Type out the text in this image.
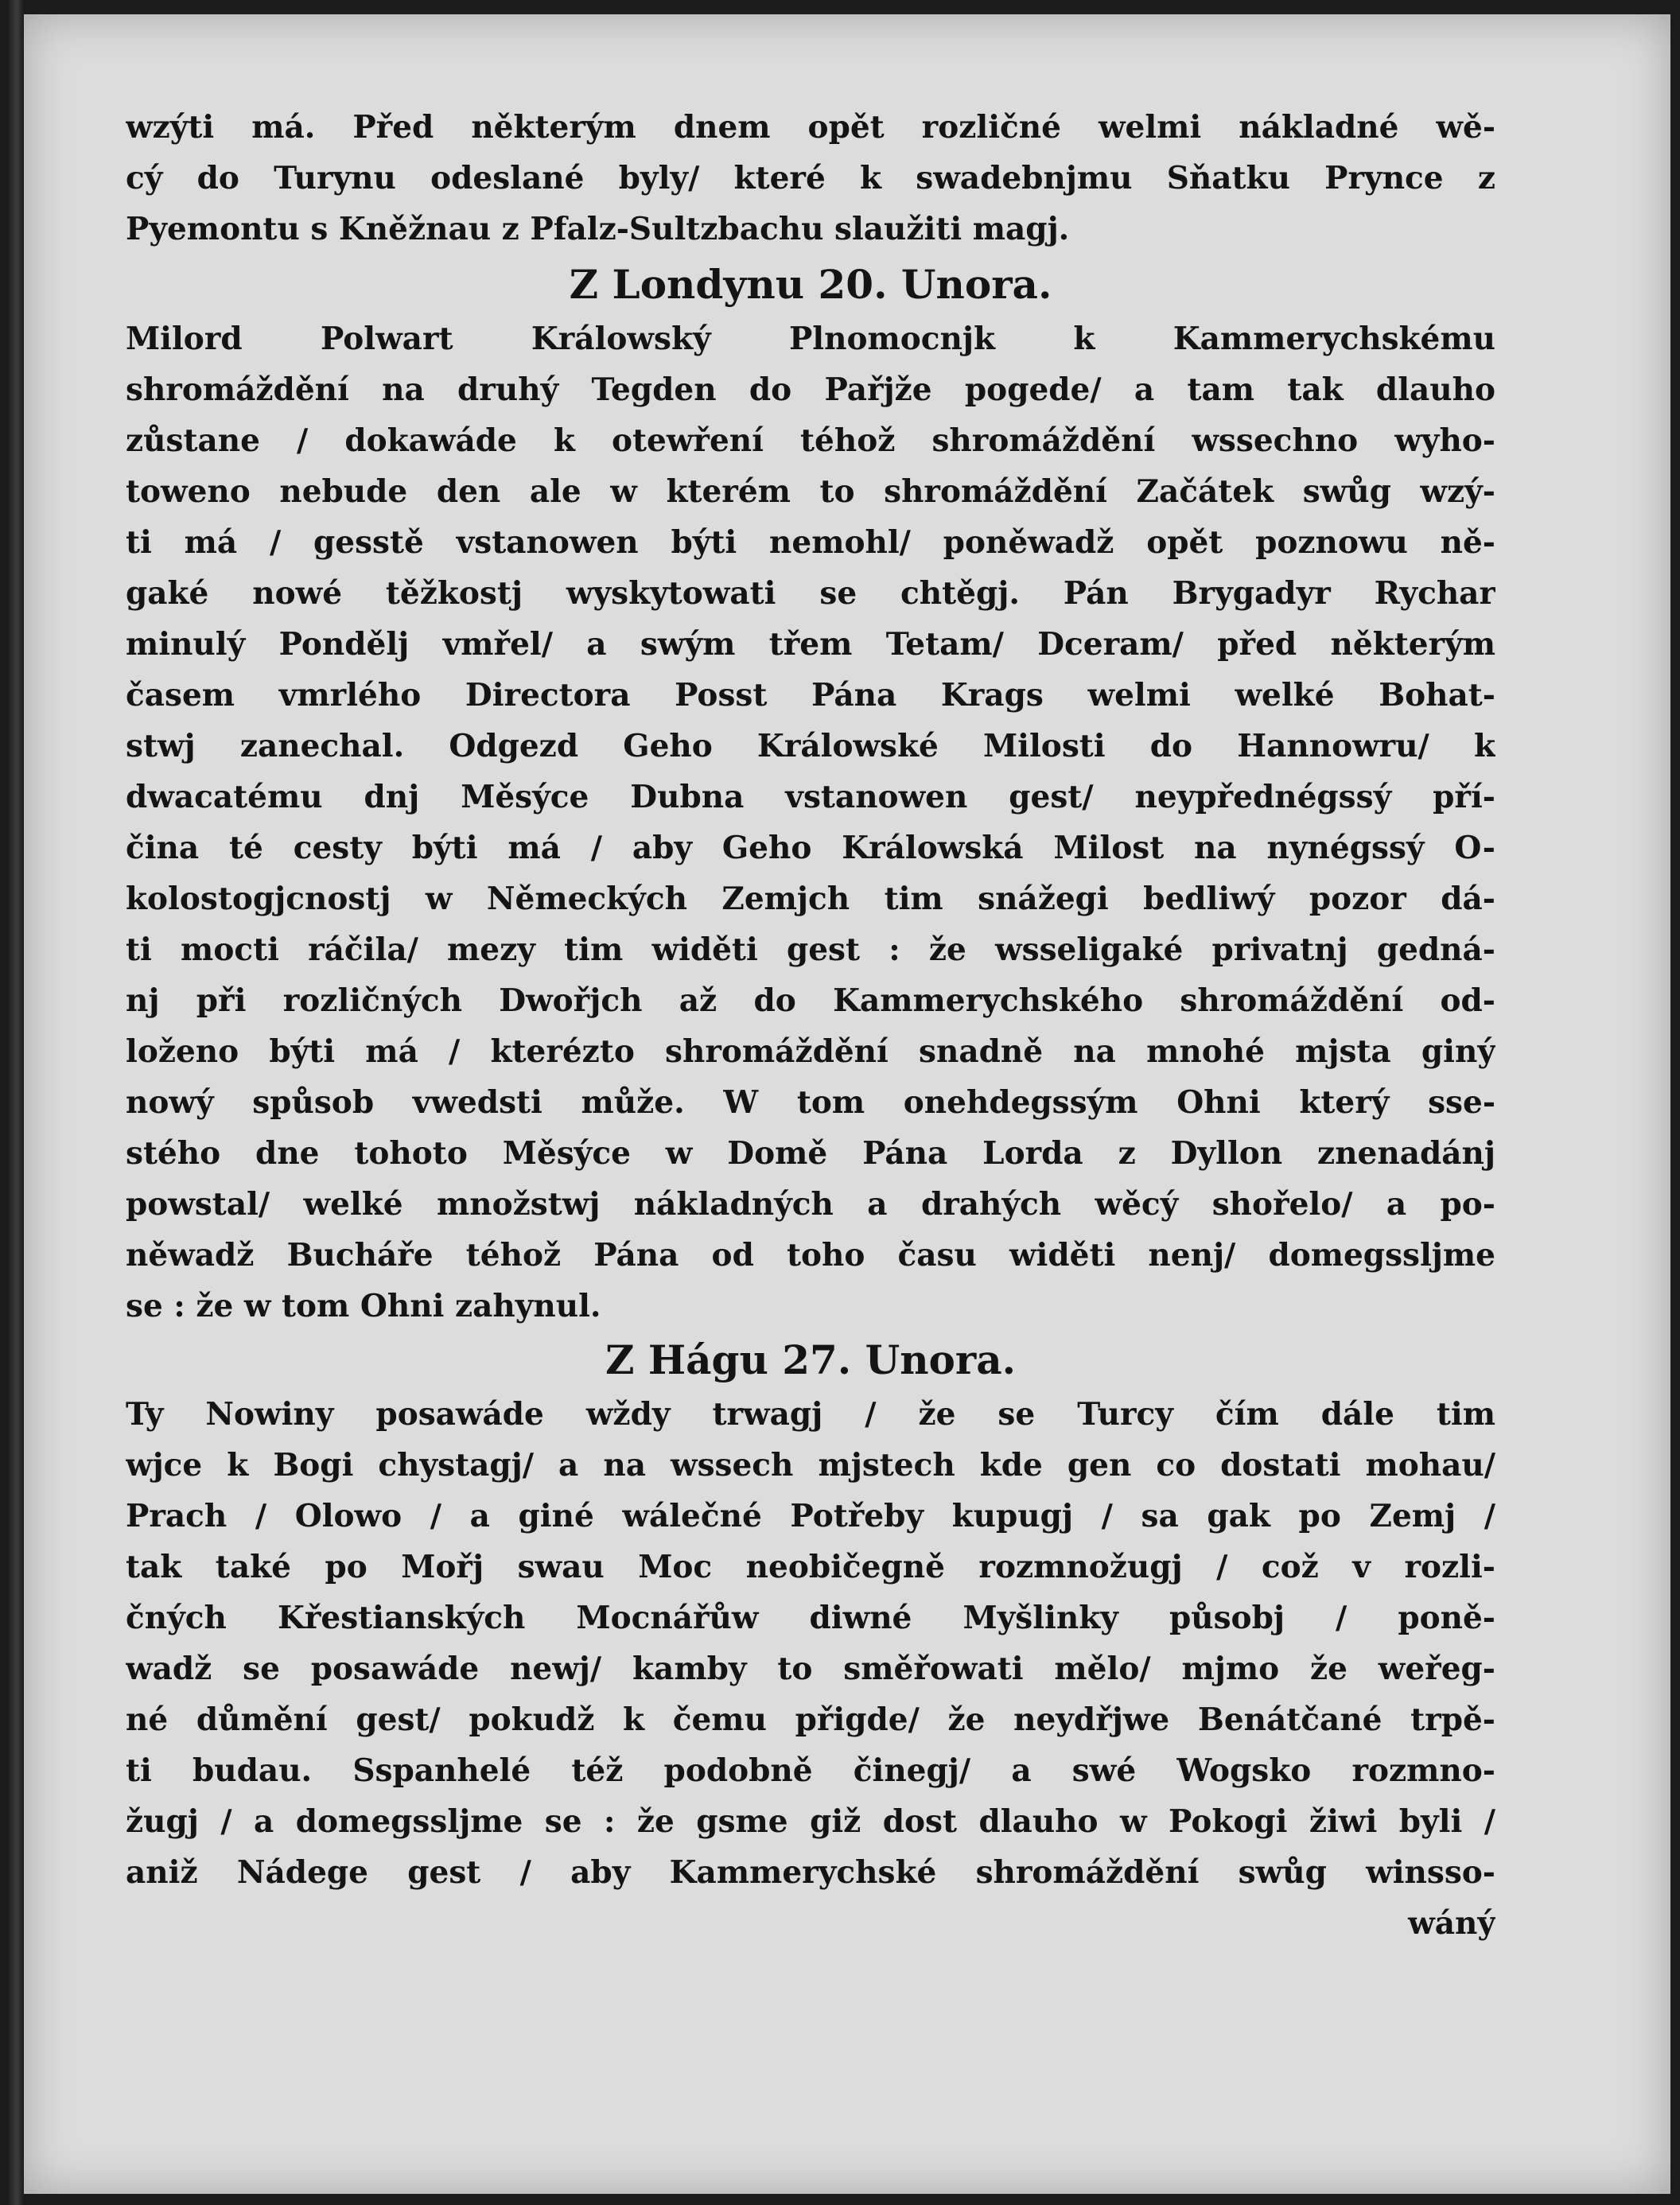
wzýti má. Před některým dnem opět rozličné welmi nákladné wě-
cý do Turynu odeslané byly/ které k swadebnjmu Sňatku Prynce z
Pyemontu s Kněžnau z Pfalz-Sultzbachu slaužiti magj.
Z Londynu 20. Unora.
Milord Polwart Králowský Plnomocnjk k Kammerychskému
shromáždění na druhý Tegden do Pařjže pogede/ a tam tak dlauho
zůstane / dokawáde k otewření téhož shromáždění wssechno wyho-
toweno nebude den ale w kterém to shromáždění Začátek swůg wzý-
ti má / gesstě vstanowen býti nemohl/ poněwadž opět poznowu ně-
gaké nowé těžkostj wyskytowati se chtěgj. Pán Brygadyr Rychar
minulý Pondělj vmřel/ a swým třem Tetam/ Dceram/ před některým
časem vmrlého Directora Posst Pána Krags welmi welké Bohat-
stwj zanechal. Odgezd Geho Králowské Milosti do Hannowru/ k
dwacatému dnj Měsýce Dubna vstanowen gest/ neypřednégssý pří-
čina té cesty býti má / aby Geho Králowská Milost na nynégssý O-
kolostogjcnostj w Německých Zemjch tim snážegi bedliwý pozor dá-
ti mocti ráčila/ mezy tim widěti gest : že wsseligaké privatnj gedná-
nj při rozličných Dwořjch až do Kammerychského shromáždění od-
loženo býti má / kterézto shromáždění snadně na mnohé mjsta giný
nowý spůsob vwedsti může. W tom onehdegssým Ohni který sse-
stého dne tohoto Měsýce w Domě Pána Lorda z Dyllon znenadánj
powstal/ welké množstwj nákladných a drahých wěcý shořelo/ a po-
něwadž Buchářе téhož Pána od toho času widěti nenj/ domegssljme
se : že w tom Ohni zahynul.
Z Hágu 27. Unora.
Ty Nowiny posawáde wždy trwagj / že se Turcy čím dále tim
wjce k Bogi chystagj/ a na wssech mjstech kde gen co dostati mohau/
Prach / Olowo / a giné wálečné Potřeby kupugj / sa gak po Zemj /
tak také po Mořj swau Moc neobičegně rozmnožugj / což v rozli-
čných Křestianských Mocnářůw diwné Myšlinky působj / poně-
wadž se posawáde newj/ kamby to směřowati mělo/ mjmo že weřeg-
né důmění gest/ pokudž k čemu přigde/ že neydřjwe Benátčané trpě-
ti budau. Sspanhelé též podobně činegj/ a swé Wogsko rozmno-
žugj / a domegssljme se : že gsme giž dost dlauho w Pokogi žiwi byli /
aniž Nádege gest / aby Kammerychské shromáždění swůg winsso-
wáný
